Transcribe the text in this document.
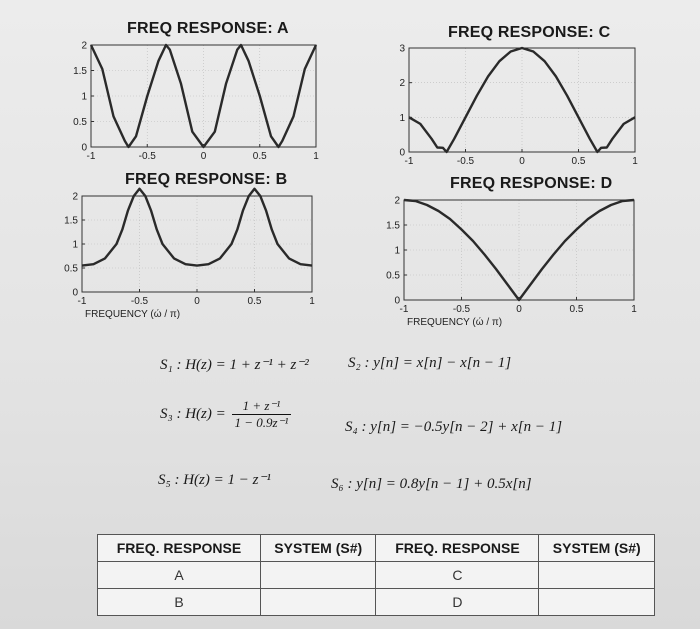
FREQ RESPONSE: A	FREQ RESPONSE: C
FREQ RESPONSE: B	FREQ RESPONSE: D
-1	-0.5	0	0.5	1
0
0.5
1
1.5
2
-1	-0.5	0	0.5	1
0
0.5
1
1.5
2
FREQUENCY (ώ / π)
-1	-0.5	0	0.5	1
0
1
2
3
-1	-0.5	0	0.5	1
0
0.5
1
1.5
2
FREQUENCY (ώ / π)
S₁ : H(z) = 1 + z⁻¹ + z⁻²	S₂ : y[n] = x[n] − x[n − 1]
S₃ : $H(z) = \frac{\text{1 + z⁻¹}}{\text{1 − 0.9z⁻¹}}$	S₄ : y[n] = −0.5y[n − 2] + x[n − 1]
S₅ : H(z) = 1 − z⁻¹	S₆ : y[n] = 0.8y[n − 1] + 0.5x[n]
FREQ. RESPONSE	SYSTEM (S#)	FREQ. RESPONSE	SYSTEM (S#)
A		C	
B		D	
